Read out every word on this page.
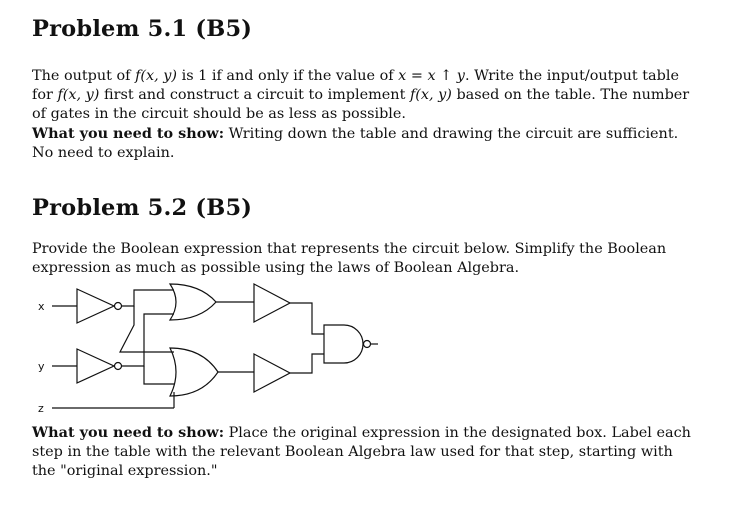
Problem 5.1 (B5)

The output of f(x, y) is 1 if and only if the value of x = x ↑ y. Write the input/output table for f(x, y) first and construct a circuit to implement f(x, y) based on the table. The number of gates in the circuit should be as less as possible.
What you need to show: Writing down the table and drawing the circuit are sufficient. No need to explain.

Problem 5.2 (B5)

Provide the Boolean expression that represents the circuit below. Simplify the Boolean expression as much as possible using the laws of Boolean Algebra.

x
y
z

What you need to show: Place the original expression in the designated box. Label each step in the table with the relevant Boolean Algebra law used for that step, starting with the "original expression."
